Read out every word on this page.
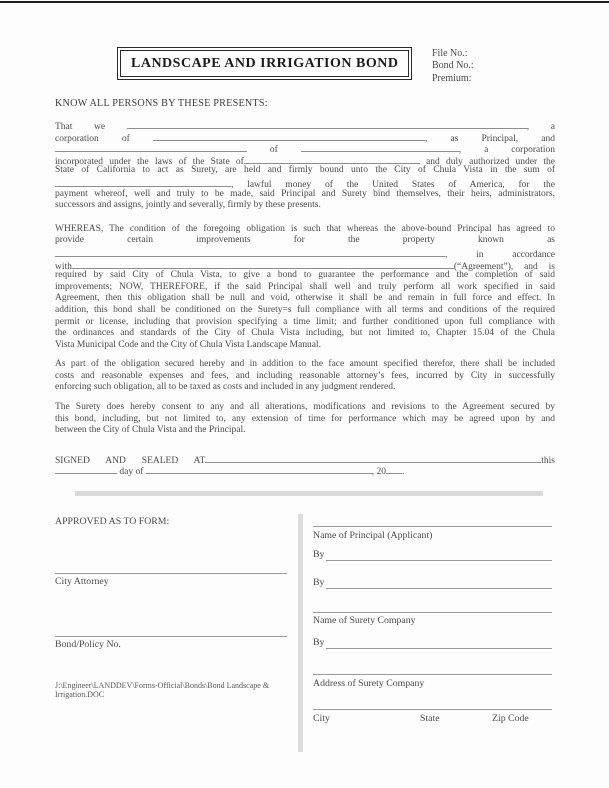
LANDSCAPE AND IRRIGATION BOND
File No.:
Bond No.:
Premium:
KNOW ALL PERSONS BY THESE PRESENTS:
That we	, a
corporation of	, as Principal, and
of	, a corporation
incorporated under the laws of the State of	and duly authorized under the
State of California to act as Surety, are held and firmly bound unto the City of Chula Vista in the sum of
, lawful money of the United States of America, for the
payment whereof, well and truly to be made, said Principal and Surety bind themselves, their heirs, administrators,
successors and assigns, jointly and severally, firmly by these presents.
WHEREAS, The condition of the foregoing obligation is such that whereas the above-bound Principal has agreed to
provide certain improvements for the property known as
, in accordance
with	(“Agreement”), and is
required by said City of Chula Vista, to give a bond to guarantee the performance and the completion of said
improvements; NOW, THEREFORE, if the said Principal shall well and truly perform all work specified in said
Agreement, then this obligation shall be null and void, otherwise it shall be and remain in full force and effect. In
addition, this bond shall be conditioned on the Surety=s full compliance with all terms and conditions of the required
permit or license, including that provision specifying a time limit; and further conditioned upon full compliance with
the ordinances and standards of the City of Chula Vista including, but not limited to, Chapter 15.04 of the Chula
Vista Municipal Code and the City of Chula Vista Landscape Manual.
As part of the obligation secured hereby and in addition to the face amount specified therefor, there shall be included
costs and reasonable expenses and fees, and including reasonable attorney’s fees, incurred by City in successfully
enforcing such obligation, all to be taxed as costs and included in any judgment rendered.
The Surety does hereby consent to any and all alterations, modifications and revisions to the Agreement secured by
this bond, including, but not limited to, any extension of time for performance which may be agreed upon by and
between the City of Chula Vista and the Principal.
SIGNED AND SEALED AT	this
day of	, 20 .
APPROVED AS TO FORM:
City Attorney
Bond/Policy No.
J:\Engineer\LANDDEV\Forms-Official\Bonds\Bond Landscape &
Irrigation.DOC
Name of Principal (Applicant)
By
By
Name of Surety Company
By
Address of Surety Company
City	State	Zip Code
